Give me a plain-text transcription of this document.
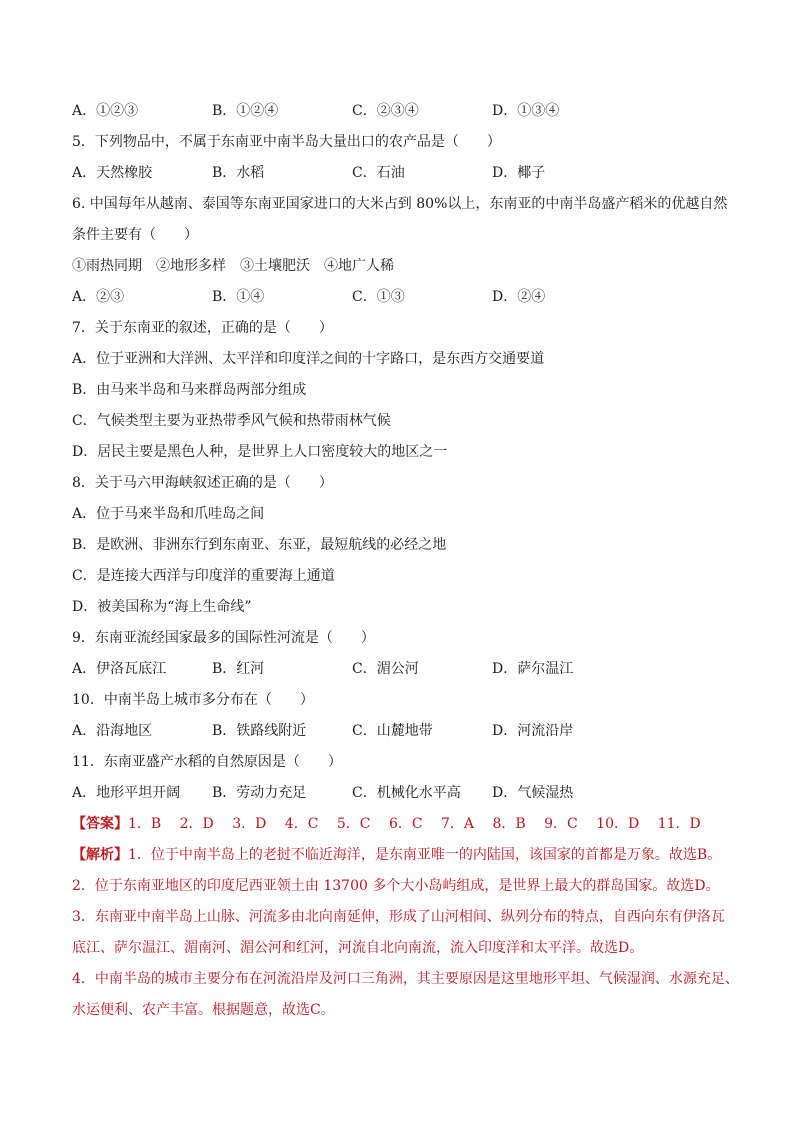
A．①②③	B．①②④	C．②③④	D．①③④
5．下列物品中，不属于东南亚中南半岛大量出口的农产品是（　　）
A．天然橡胶	B．水稻	C．石油	D．椰子
6. 中国每年从越南、泰国等东南亚国家进口的大米占到 80%以上，东南亚的中南半岛盛产稻米的优越自然
条件主要有（　　）
①雨热同期　②地形多样　③土壤肥沃　④地广人稀
A．②③	B．①④	C．①③	D．②④
7．关于东南亚的叙述，正确的是（　　）
A．位于亚洲和大洋洲、太平洋和印度洋之间的十字路口，是东西方交通要道
B．由马来半岛和马来群岛两部分组成
C．气候类型主要为亚热带季风气候和热带雨林气候
D．居民主要是黑色人种，是世界上人口密度较大的地区之一
8．关于马六甲海峡叙述正确的是（　　）
A．位于马来半岛和爪哇岛之间
B．是欧洲、非洲东行到东南亚、东亚，最短航线的必经之地
C．是连接大西洋与印度洋的重要海上通道
D．被美国称为“海上生命线”
9．东南亚流经国家最多的国际性河流是（　　）
A．伊洛瓦底江	B．红河	C．湄公河	D．萨尔温江
10．中南半岛上城市多分布在（　　）
A．沿海地区	B．铁路线附近	C．山麓地带	D．河流沿岸
11．东南亚盛产水稻的自然原因是（　　）
A．地形平坦开阔	B．劳动力充足	C．机械化水平高	D．气候湿热
【答案】1．B　 2．D　 3．D　 4．C　 5．C　 6．C　 7．A　 8．B　 9．C　 10．D　 11．D
【解析】1．位于中南半岛上的老挝不临近海洋，是东南亚唯一的内陆国，该国家的首都是万象。故选B。
2．位于东南亚地区的印度尼西亚领土由 13700 多个大小岛屿组成，是世界上最大的群岛国家。故选D。
3．东南亚中南半岛上山脉、河流多由北向南延伸，形成了山河相间、纵列分布的特点，自西向东有伊洛瓦
底江、萨尔温江、湄南河、湄公河和红河，河流自北向南流，流入印度洋和太平洋。故选D。
4．中南半岛的城市主要分布在河流沿岸及河口三角洲，其主要原因是这里地形平坦、气候湿润、水源充足、
水运便利、农产丰富。根据题意，故选C。
